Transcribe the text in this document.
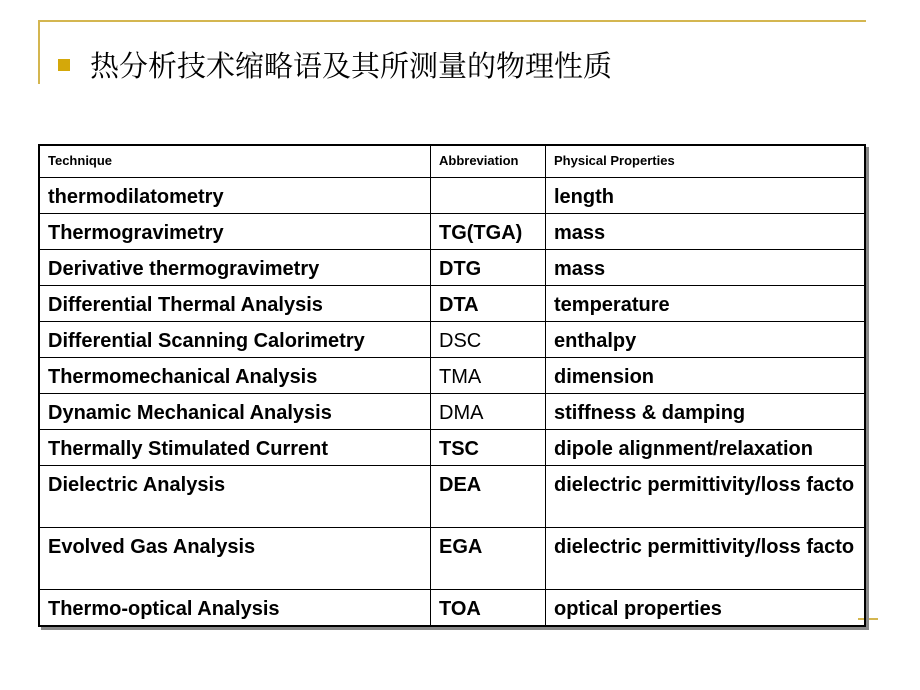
热分析技术缩略语及其所测量的物理性质
Technique	Abbreviation	Physical Properties
thermodilatometry		length
Thermogravimetry	TG(TGA)	mass
Derivative thermogravimetry	DTG	mass
Differential Thermal Analysis	DTA	temperature
Differential Scanning Calorimetry	DSC	enthalpy
Thermomechanical Analysis	TMA	dimension
Dynamic Mechanical Analysis	DMA	stiffness & damping
Thermally Stimulated Current	TSC	dipole alignment/relaxation
Dielectric Analysis	DEA	dielectric permittivity/loss facto
Evolved Gas Analysis	EGA	dielectric permittivity/loss facto
Thermo-optical Analysis	TOA	optical properties
